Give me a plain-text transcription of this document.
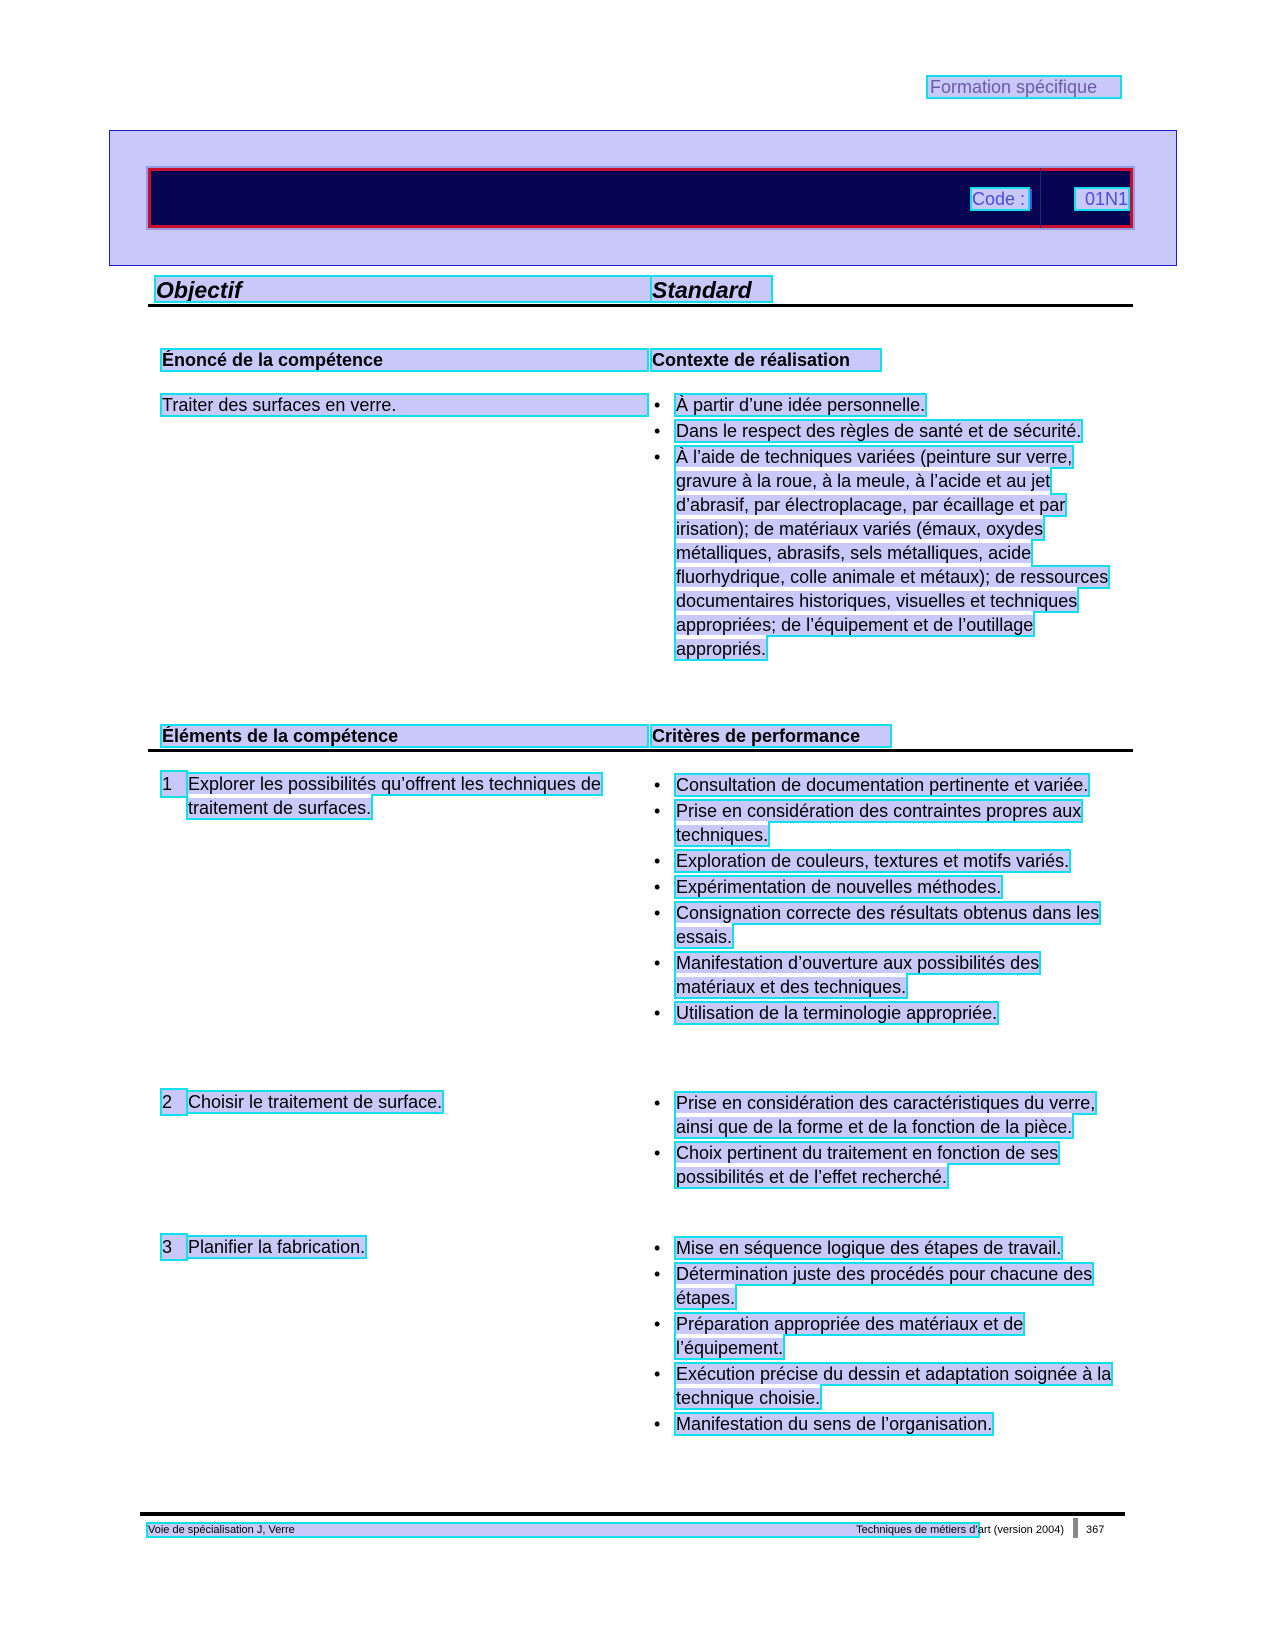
Formation spécifique
Code :	01N1
Objectif	Standard
Énoncé de la compétence	Contexte de réalisation
Traiter des surfaces en verre.	• À partir d’une idée personnelle.
• Dans le respect des règles de santé et de sécurité.
• À l’aide de techniques variées (peinture sur verre, gravure à la roue, à la meule, à l’acide et au jet d’abrasif, par électroplacage, par écaillage et par irisation); de matériaux variés (émaux, oxydes métalliques, abrasifs, sels métalliques, acide fluorhydrique, colle animale et métaux); de ressources documentaires historiques, visuelles et techniques appropriées; de l’équipement et de l’outillage appropriés.
Éléments de la compétence	Critères de performance
1 Explorer les possibilités qu’offrent les techniques de traitement de surfaces.
• Consultation de documentation pertinente et variée.
• Prise en considération des contraintes propres aux techniques.
• Exploration de couleurs, textures et motifs variés.
• Expérimentation de nouvelles méthodes.
• Consignation correcte des résultats obtenus dans les essais.
• Manifestation d’ouverture aux possibilités des matériaux et des techniques.
• Utilisation de la terminologie appropriée.
2 Choisir le traitement de surface.	• Prise en considération des caractéristiques du verre, ainsi que de la forme et de la fonction de la pièce.
• Choix pertinent du traitement en fonction de ses possibilités et de l’effet recherché.
3 Planifier la fabrication.	• Mise en séquence logique des étapes de travail.
• Détermination juste des procédés pour chacune des étapes.
• Préparation appropriée des matériaux et de l’équipement.
• Exécution précise du dessin et adaptation soignée à la technique choisie.
• Manifestation du sens de l’organisation.
Voie de spécialisation J, Verre	Techniques de métiers d’art (version 2004) 367
